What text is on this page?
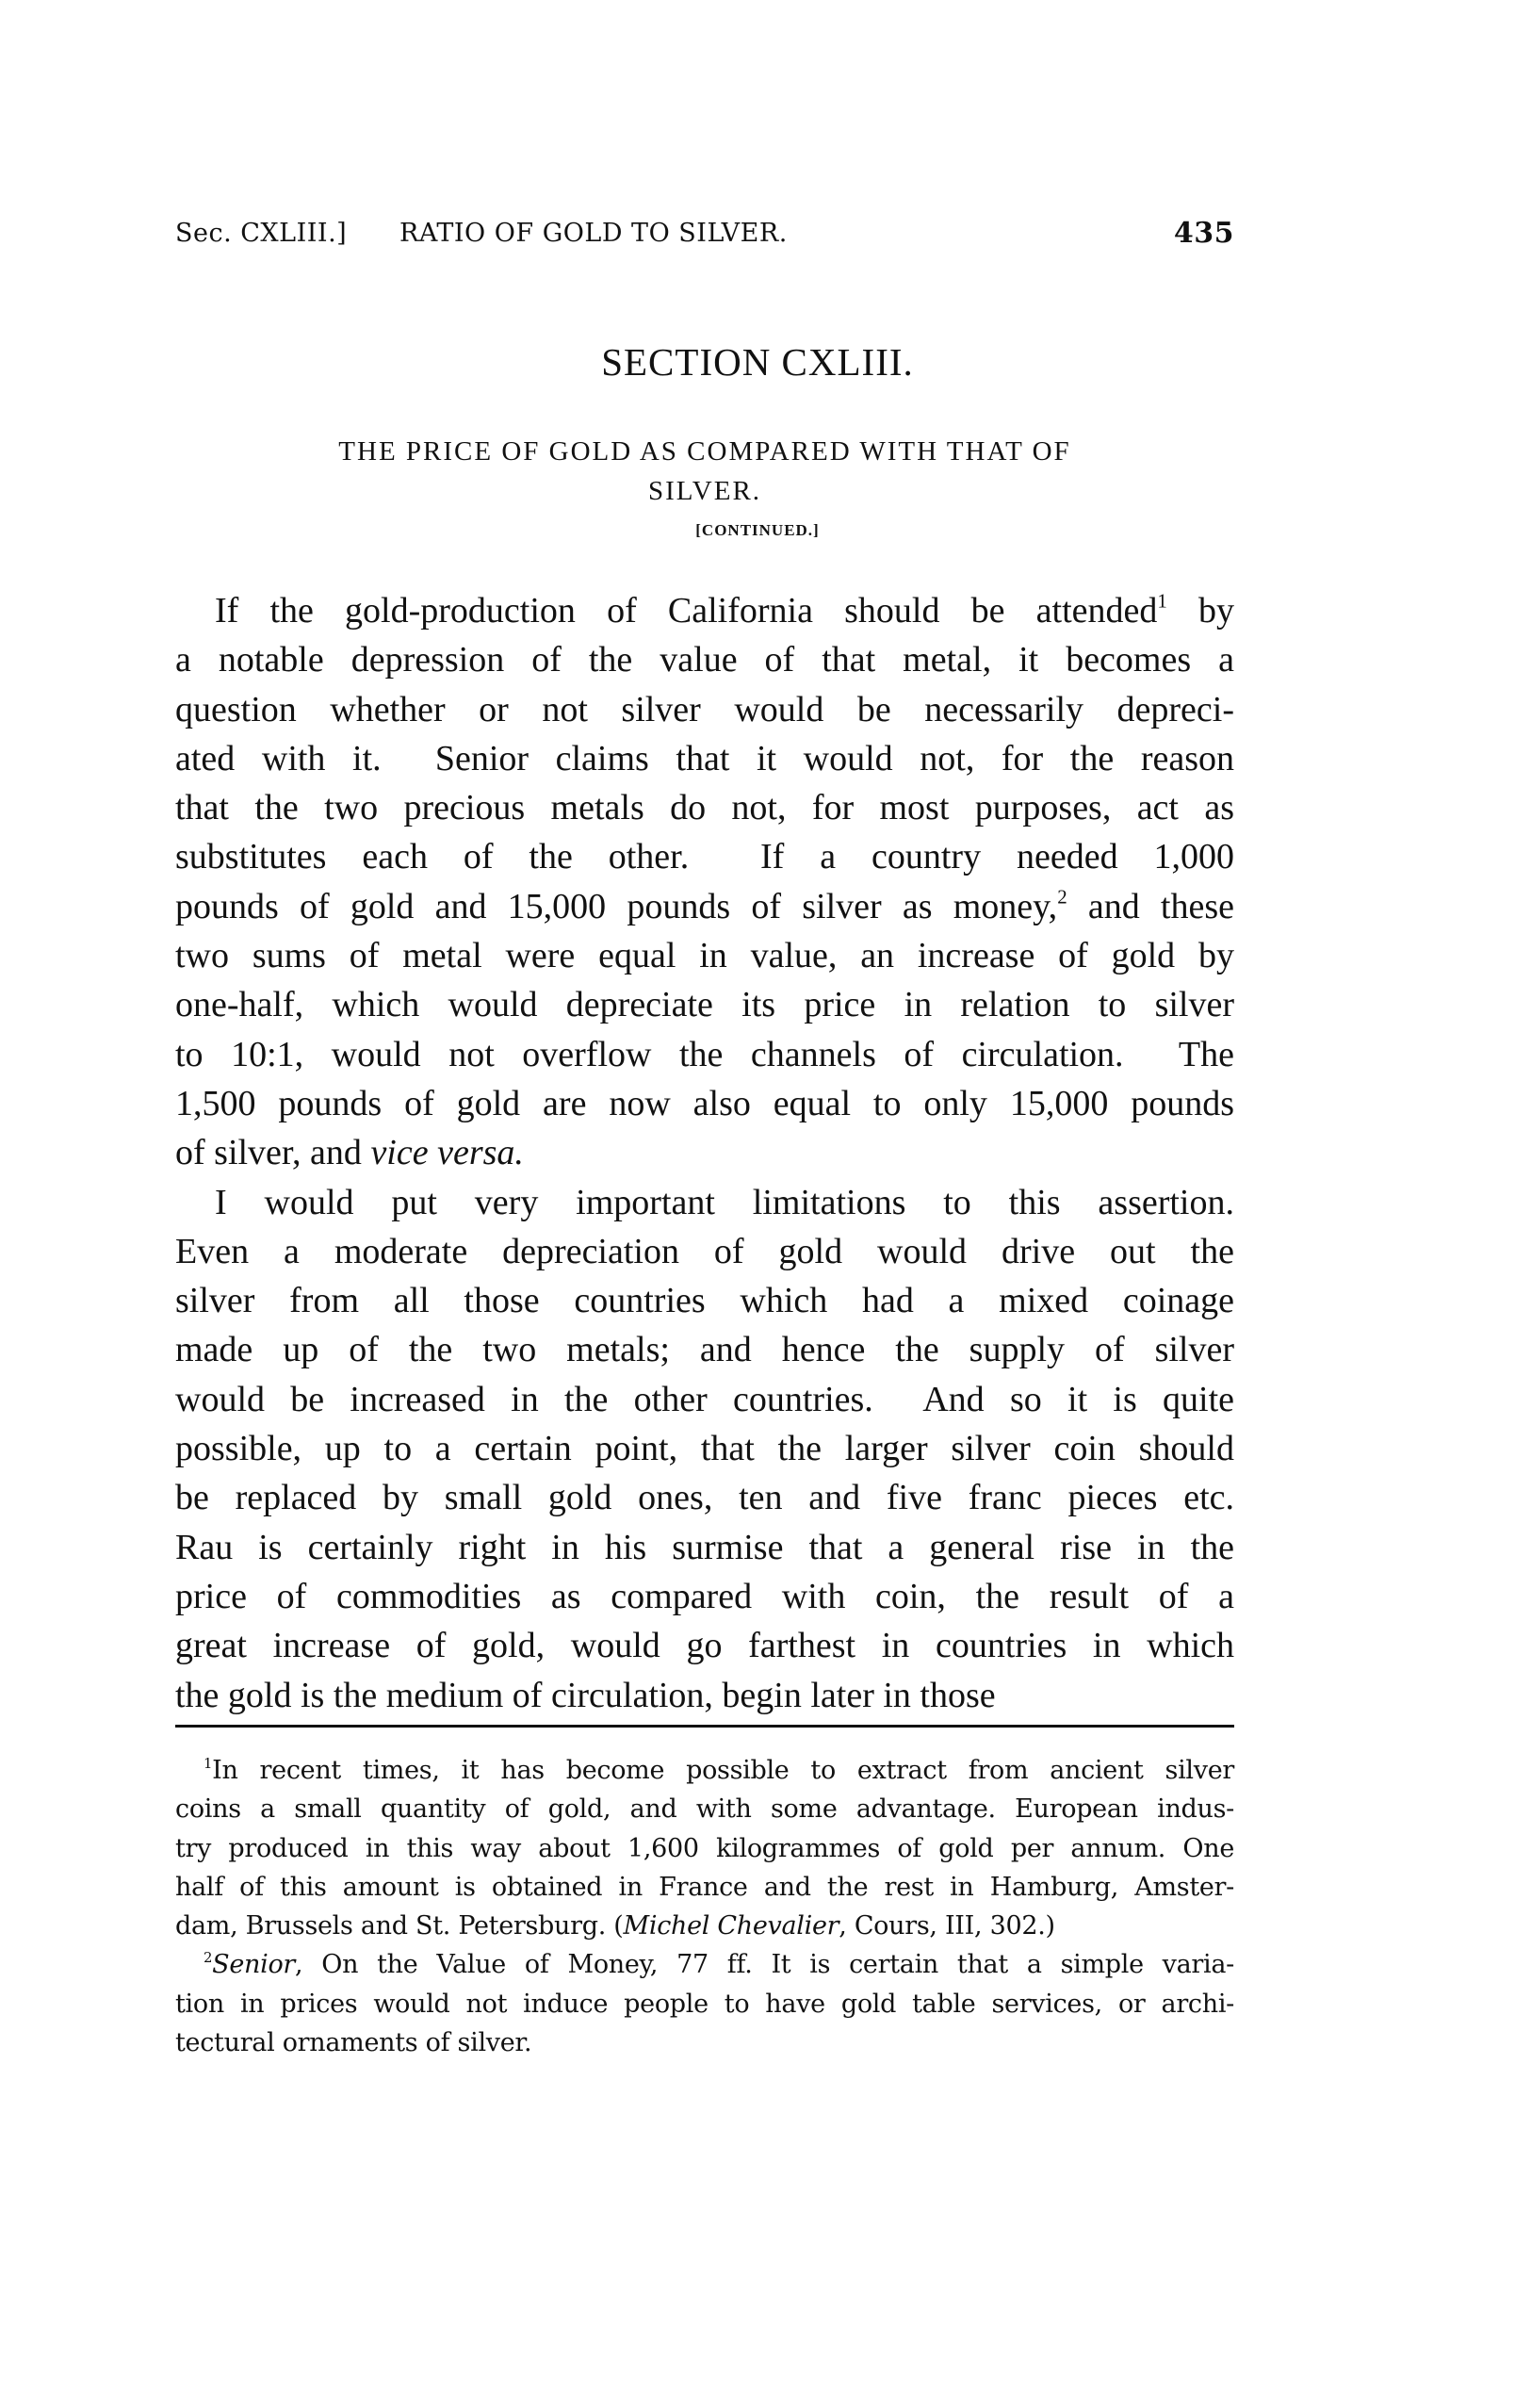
Sec. CXLIII.] RATIO OF GOLD TO SILVER.	435
SECTION CXLIII.
THE PRICE OF GOLD AS COMPARED WITH THAT OF
SILVER.
[CONTINUED.]
If the gold-production of California should be attended$^1$ by
a notable depression of the value of that metal, it becomes a
question whether or not silver would be necessarily depreci-
ated with it.  Senior claims that it would not, for the reason
that the two precious metals do not, for most purposes, act as
substitutes each of the other.  If a country needed 1,000
pounds of gold and 15,000 pounds of silver as money,$^2$ and these
two sums of metal were equal in value, an increase of gold by
one-half, which would depreciate its price in relation to silver
to 10:1, would not overflow the channels of circulation.  The
1,500 pounds of gold are now also equal to only 15,000 pounds
of silver, and vice versa.
I would put very important limitations to this assertion.
Even a moderate depreciation of gold would drive out the
silver from all those countries which had a mixed coinage
made up of the two metals; and hence the supply of silver
would be increased in the other countries.  And so it is quite
possible, up to a certain point, that the larger silver coin should
be replaced by small gold ones, ten and five franc pieces etc.
Rau is certainly right in his surmise that a general rise in the
price of commodities as compared with coin, the result of a
great increase of gold, would go farthest in countries in which
the gold is the medium of circulation, begin later in those
$^1$In recent times, it has become possible to extract from ancient silver
coins a small quantity of gold, and with some advantage. European indus-
try produced in this way about 1,600 kilogrammes of gold per annum. One
half of this amount is obtained in France and the rest in Hamburg, Amster-
dam, Brussels and St. Petersburg. (Michel Chevalier, Cours, III, 302.)
$^2$Senior, On the Value of Money, 77 ff. It is certain that a simple varia-
tion in prices would not induce people to have gold table services, or archi-
tectural ornaments of silver.
